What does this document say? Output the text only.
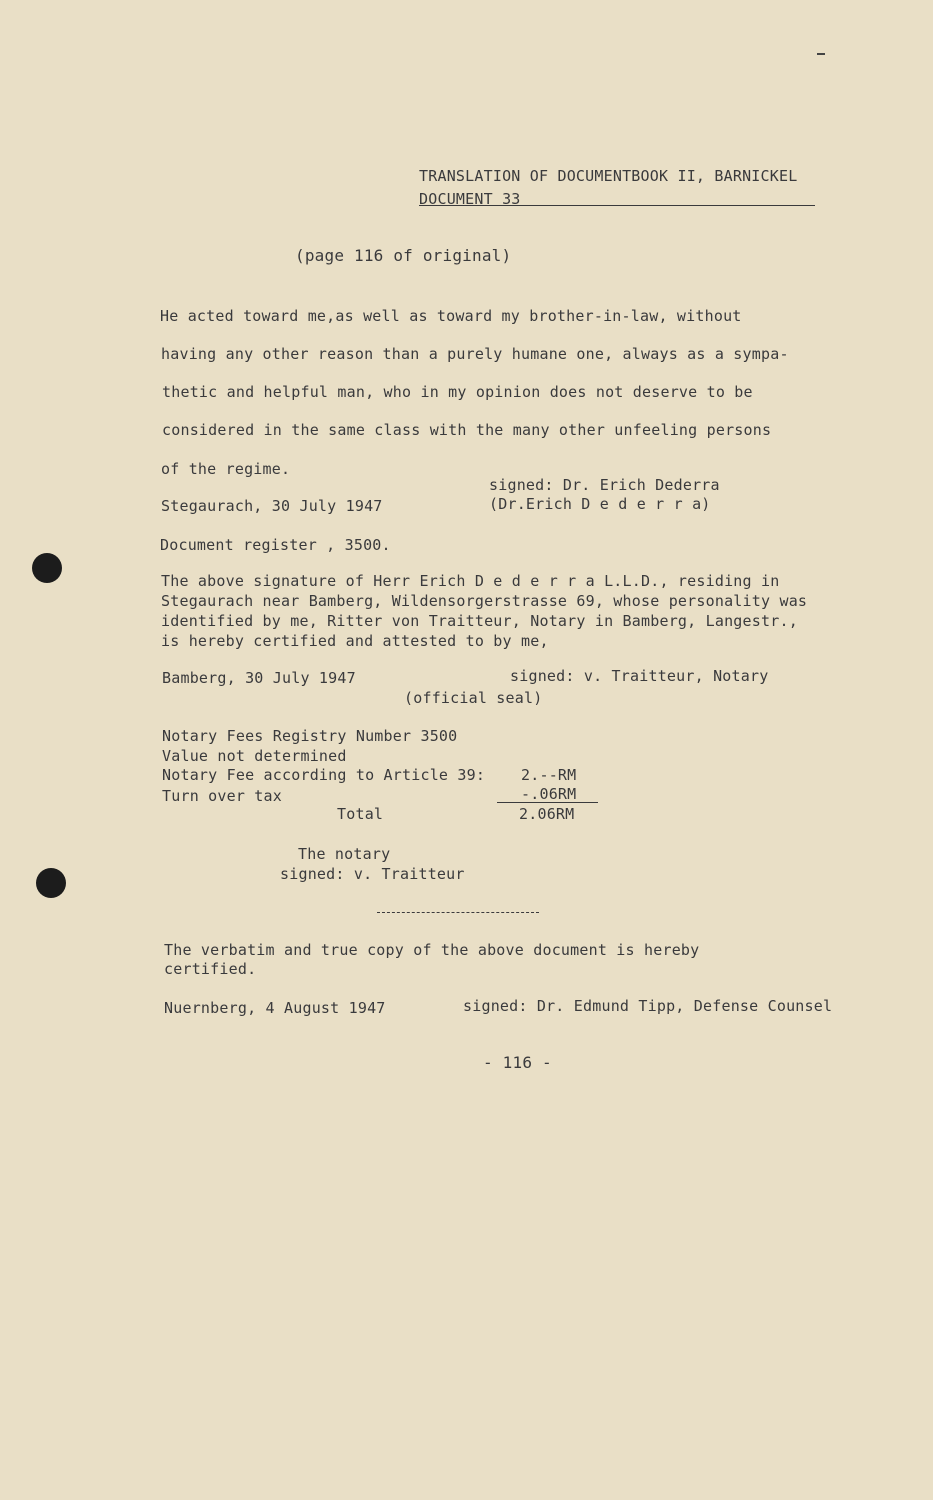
TRANSLATION OF DOCUMENTBOOK II, BARNICKEL
DOCUMENT 33
(page 116 of original)
He acted toward me,as well as toward my brother-in-law, without
having any other reason than a purely humane one, always as a sympa-
thetic and helpful man, who in my opinion does not deserve to be
considered in the same class with the many other unfeeling persons
of the regime.
signed: Dr. Erich Dederra
(Dr.Erich D e d e r r a)
Stegaurach, 30 July 1947
Document register , 3500.
The above signature of Herr Erich D e d e r r a L.L.D., residing in
Stegaurach near Bamberg, Wildensorgerstrasse 69, whose personality was
identified by me, Ritter von Traitteur, Notary in Bamberg, Langestr.,
is hereby certified and attested to by me,
Bamberg, 30 July 1947	signed: v. Traitteur, Notary
(official seal)
Notary Fees Registry Number 3500
Value not determined
Notary Fee according to Article 39: 2.--RM
Turn over tax	-.06RM
Total	2.06RM
The notary
signed: v. Traitteur
The verbatim and true copy of the above document is hereby
certified.
Nuernberg, 4 August 1947	signed: Dr. Edmund Tipp, Defense Counsel
- 116 -
